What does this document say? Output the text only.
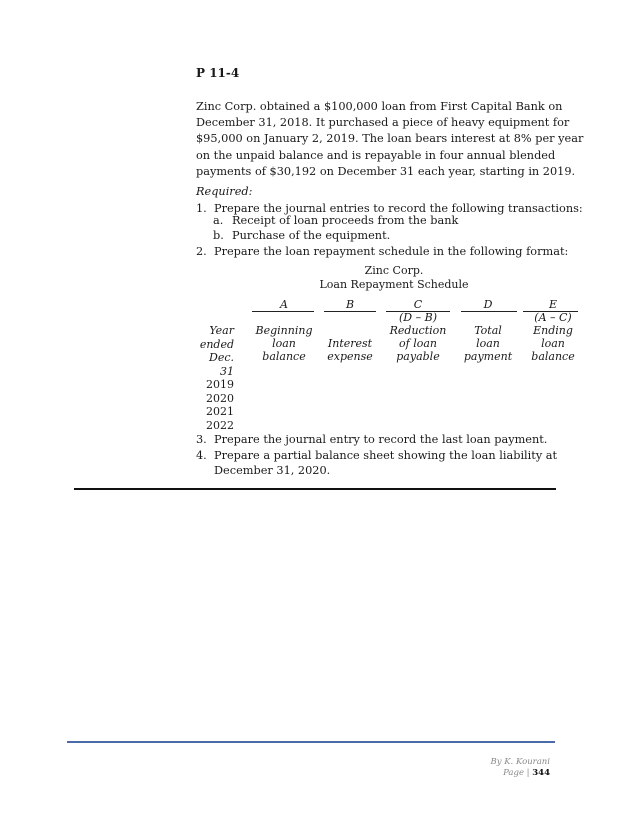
P 11-4
Zinc Corp. obtained a $100,000 loan from First Capital Bank on
December 31, 2018. It purchased a piece of heavy equipment for
$95,000 on January 2, 2019. The loan bears interest at 8% per year
on the unpaid balance and is repayable in four annual blended
payments of $30,192 on December 31 each year, starting in 2019.
Required:
1. Prepare the journal entries to record the following transactions:
a. Receipt of loan proceeds from the bank
b. Purchase of the equipment.
2. Prepare the loan repayment schedule in the following format:
Zinc Corp.
Loan Repayment Schedule
A
Beginning
loan
balance
B

Interest
expense
C
(D – B)
Reduction
of loan
payable
D
Total
loan
payment
E
(A – C)
Ending
loan
balance
Year
ended
Dec. 31
2019
2020
2021
2022
3. Prepare the journal entry to record the last loan payment.
4. Prepare a partial balance sheet showing the loan liability at
December 31, 2020.
By K. Kourani
Page | 344
